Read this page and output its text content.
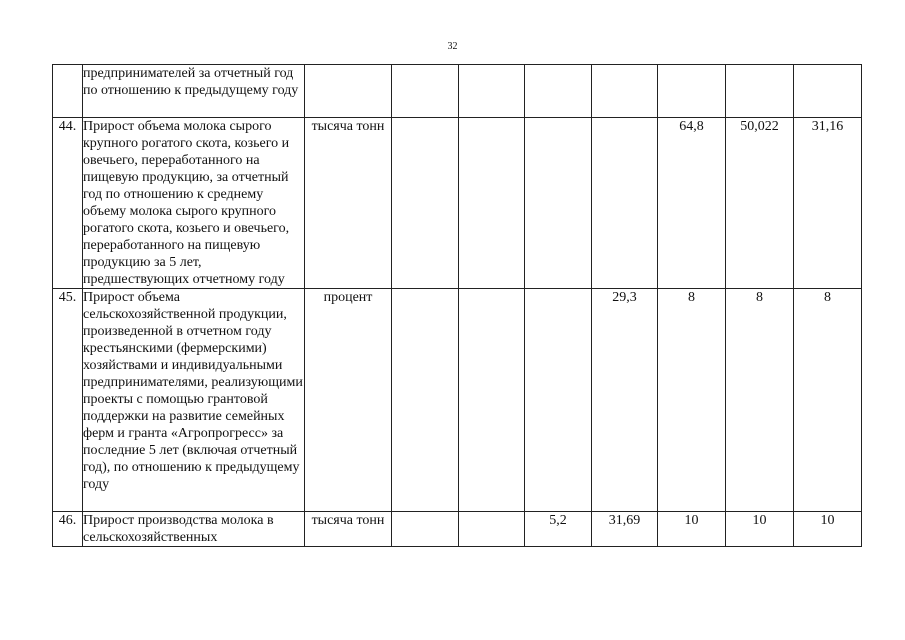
32
	предпринимателей за отчетный год по отношению к предыдущему году								
44.	Прирост объема молока сырого крупного рогатого скота, козьего и овечьего, переработанного на пищевую продукцию, за отчетный год по отношению к среднему объему молока сырого крупного рогатого скота, козьего и овечьего, переработанного на пищевую продукцию за 5 лет, предшествующих отчетному году	тысяча тонн					64,8	50,022	31,16
45.	Прирост объема сельскохозяйственной продукции, произведенной в отчетном году крестьянскими (фермерскими) хозяйствами и индивидуальными предпринимателями, реализующими проекты с помощью грантовой поддержки на развитие семейных ферм и гранта «Агропрогресс» за последние 5 лет (включая отчетный год), по отношению к предыдущему году	процент				29,3	8	8	8
46.	Прирост производства молока в сельскохозяйственных	тысяча тонн			5,2	31,69	10	10	10
